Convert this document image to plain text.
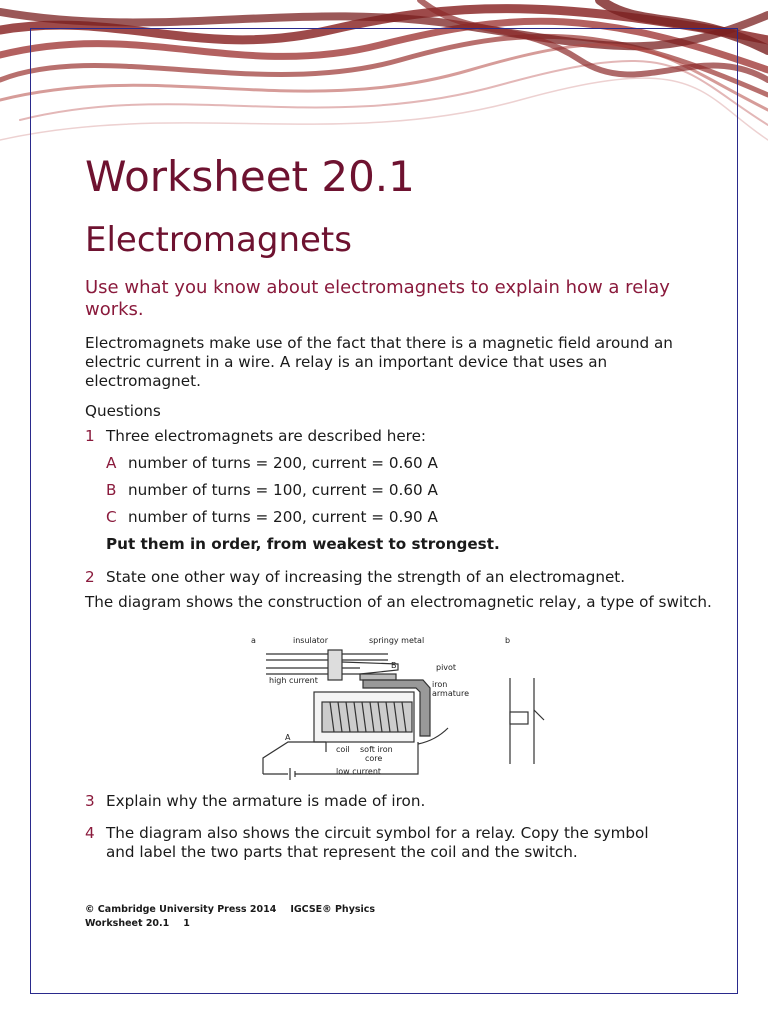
Worksheet 20.1
Electromagnets

Use what you know about electromagnets to explain how a relay works.

Electromagnets make use of the fact that there is a magnetic field around an electric current in a wire. A relay is an important device that uses an electromagnet.

Questions

1 Three electromagnets are described here:
A number of turns = 200, current = 0.60 A
B number of turns = 100, current = 0.60 A
C number of turns = 200, current = 0.90 A
Put them in order, from weakest to strongest.
2 State one other way of increasing the strength of an electromagnet.
The diagram shows the construction of an electromagnetic relay, a type of switch.
a	b
insulator	springy metal
B	pivot
iron
armature
high current
A
coil soft iron
core
low current
3 Explain why the armature is made of iron.
4 The diagram also shows the circuit symbol for a relay. Copy the symbol
and label the two parts that represent the coil and the switch.
© Cambridge University Press 2014 IGCSE® Physics
Worksheet 20.1 1
